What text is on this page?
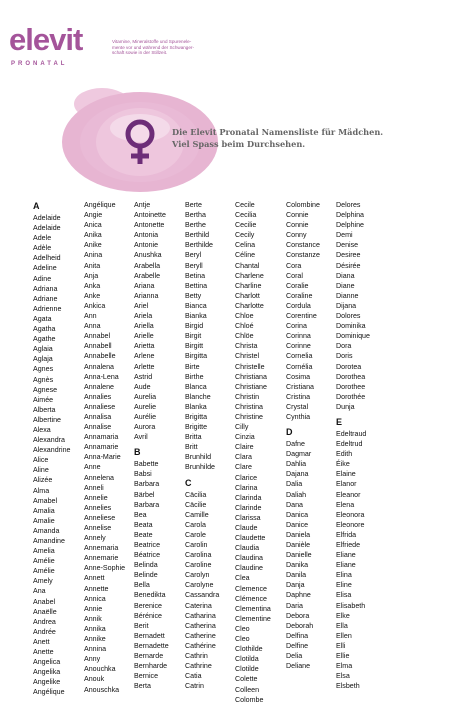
elevit
PRONATAL
Vitamine, Mineralstoffe und Spurenele-
mente vor und während der Schwanger-
schaft sowie in der Stillzeit.
Die Elevit Pronatal Namensliste für Mädchen.
Viel Spass beim Durchsehen.
A
Adelaide
Adelaide
Adele
Adèle
Adelheid
Adeline
Adine
Adriana
Adriane
Adrienne
Agata
Agatha
Agathe
Aglaia
Aglaja
Agnes
Agnès
Agnese
Aimée
Alberta
Albertine
Alexa
Alexandra
Alexandrine
Alice
Aline
Alizée
Alma
Amabel
Amalia
Amalie
Amanda
Amandine
Amelia
Amélie
Amélie
Amely
Ana
Anabel
Anaëlle
Andrea
Andrée
Anett
Anette
Angelica
Angelika
Angelike
Angélique
Angélique
Angie
Anica
Anika
Anike
Anina
Anita
Anja
Anka
Anke
Ankica
Ann
Anna
Annabel
Annabell
Annabelle
Annalena
Anna-Lena
Annalene
Annalies
Annaliese
Annalisa
Annalise
Annamaria
Annamarie
Anna-Marie
Anne
Annelena
Anneli
Annelie
Annelies
Anneliese
Annelise
Annely
Annemaria
Annemarie
Anne-Sophie
Annett
Annette
Annica
Annie
Annik
Annika
Annike
Annina
Anny
Anouchka
Anouk
Anouschka
Antje
Antoinette
Antonette
Antonia
Antonie
Anushka
Arabella
Arabelle
Ariana
Arianna
Ariel
Ariela
Ariella
Arielle
Arietta
Arlene
Arlette
Astrid
Aude
Aurelia
Aurelie
Aurélie
Aurora
Avril
B
Babette
Babsi
Barbara
Bärbel
Barbara
Bea
Beata
Beate
Beatrice
Béatrice
Belinda
Belinde
Bella
Benedikta
Berenice
Bérénice
Berit
Bernadett
Bernadette
Bernarde
Bernharde
Bernice
Berta
Berte
Bertha
Berthe
Berthild
Berthilde
Beryl
Beryll
Betina
Bettina
Betty
Bianca
Bianka
Birgid
Birgit
Birgitt
Birgitta
Birte
Birthe
Blanca
Blanche
Blanka
Brigitta
Brigitte
Britta
Britt
Brunhild
Brunhilde
C
Cäcilia
Cäcilie
Camille
Carola
Carole
Carolin
Carolina
Caroline
Carolyn
Carolyne
Cassandra
Caterina
Catharina
Catherina
Catherine
Cathérine
Cathrin
Cathrine
Catia
Catrin
Cecile
Cecilia
Cecilie
Cecily
Celina
Céline
Chantal
Charlene
Charline
Charlott
Charlotte
Chloe
Chloé
Chlöe
Christa
Christel
Christelle
Christiana
Christiane
Christin
Christina
Christine
Cilly
Cinzia
Claire
Clara
Clare
Clarice
Clarina
Clarinda
Clarinde
Clarissa
Claude
Claudette
Claudia
Claudina
Claudine
Clea
Clemence
Clémence
Clementina
Clementine
Cleo
Cleo
Clothilde
Clotilda
Clotilde
Colette
Colleen
Colombe
Colombine
Connie
Connie
Conny
Constance
Constanze
Cora
Coral
Coralie
Coraline
Cordula
Corentine
Corina
Corinna
Corinne
Cornelia
Cornélia
Cosima
Cristiana
Cristina
Crystal
Cynthia
D
Dafne
Dagmar
Dahlia
Dajana
Dalia
Daliah
Dana
Danica
Danice
Daniela
Danièle
Danielle
Danika
Danila
Danja
Daphne
Daria
Debora
Deborah
Delfina
Delfine
Delia
Deliane
Delores
Delphina
Delphine
Demi
Denise
Desiree
Désirée
Diana
Diane
Dianne
Dijana
Dolores
Dominika
Dominique
Dora
Doris
Dorotea
Dorothea
Dorothee
Dorothée
Dunja
E
Edeltraud
Edeltrud
Edith
Éike
Elaine
Elanor
Eleanor
Elena
Eleonora
Eleonore
Elfrida
Elfriede
Eliane
Eliane
Elina
Eline
Elisa
Elisabeth
Elke
Ella
Ellen
Elli
Ellie
Elma
Elsa
Elsbeth
